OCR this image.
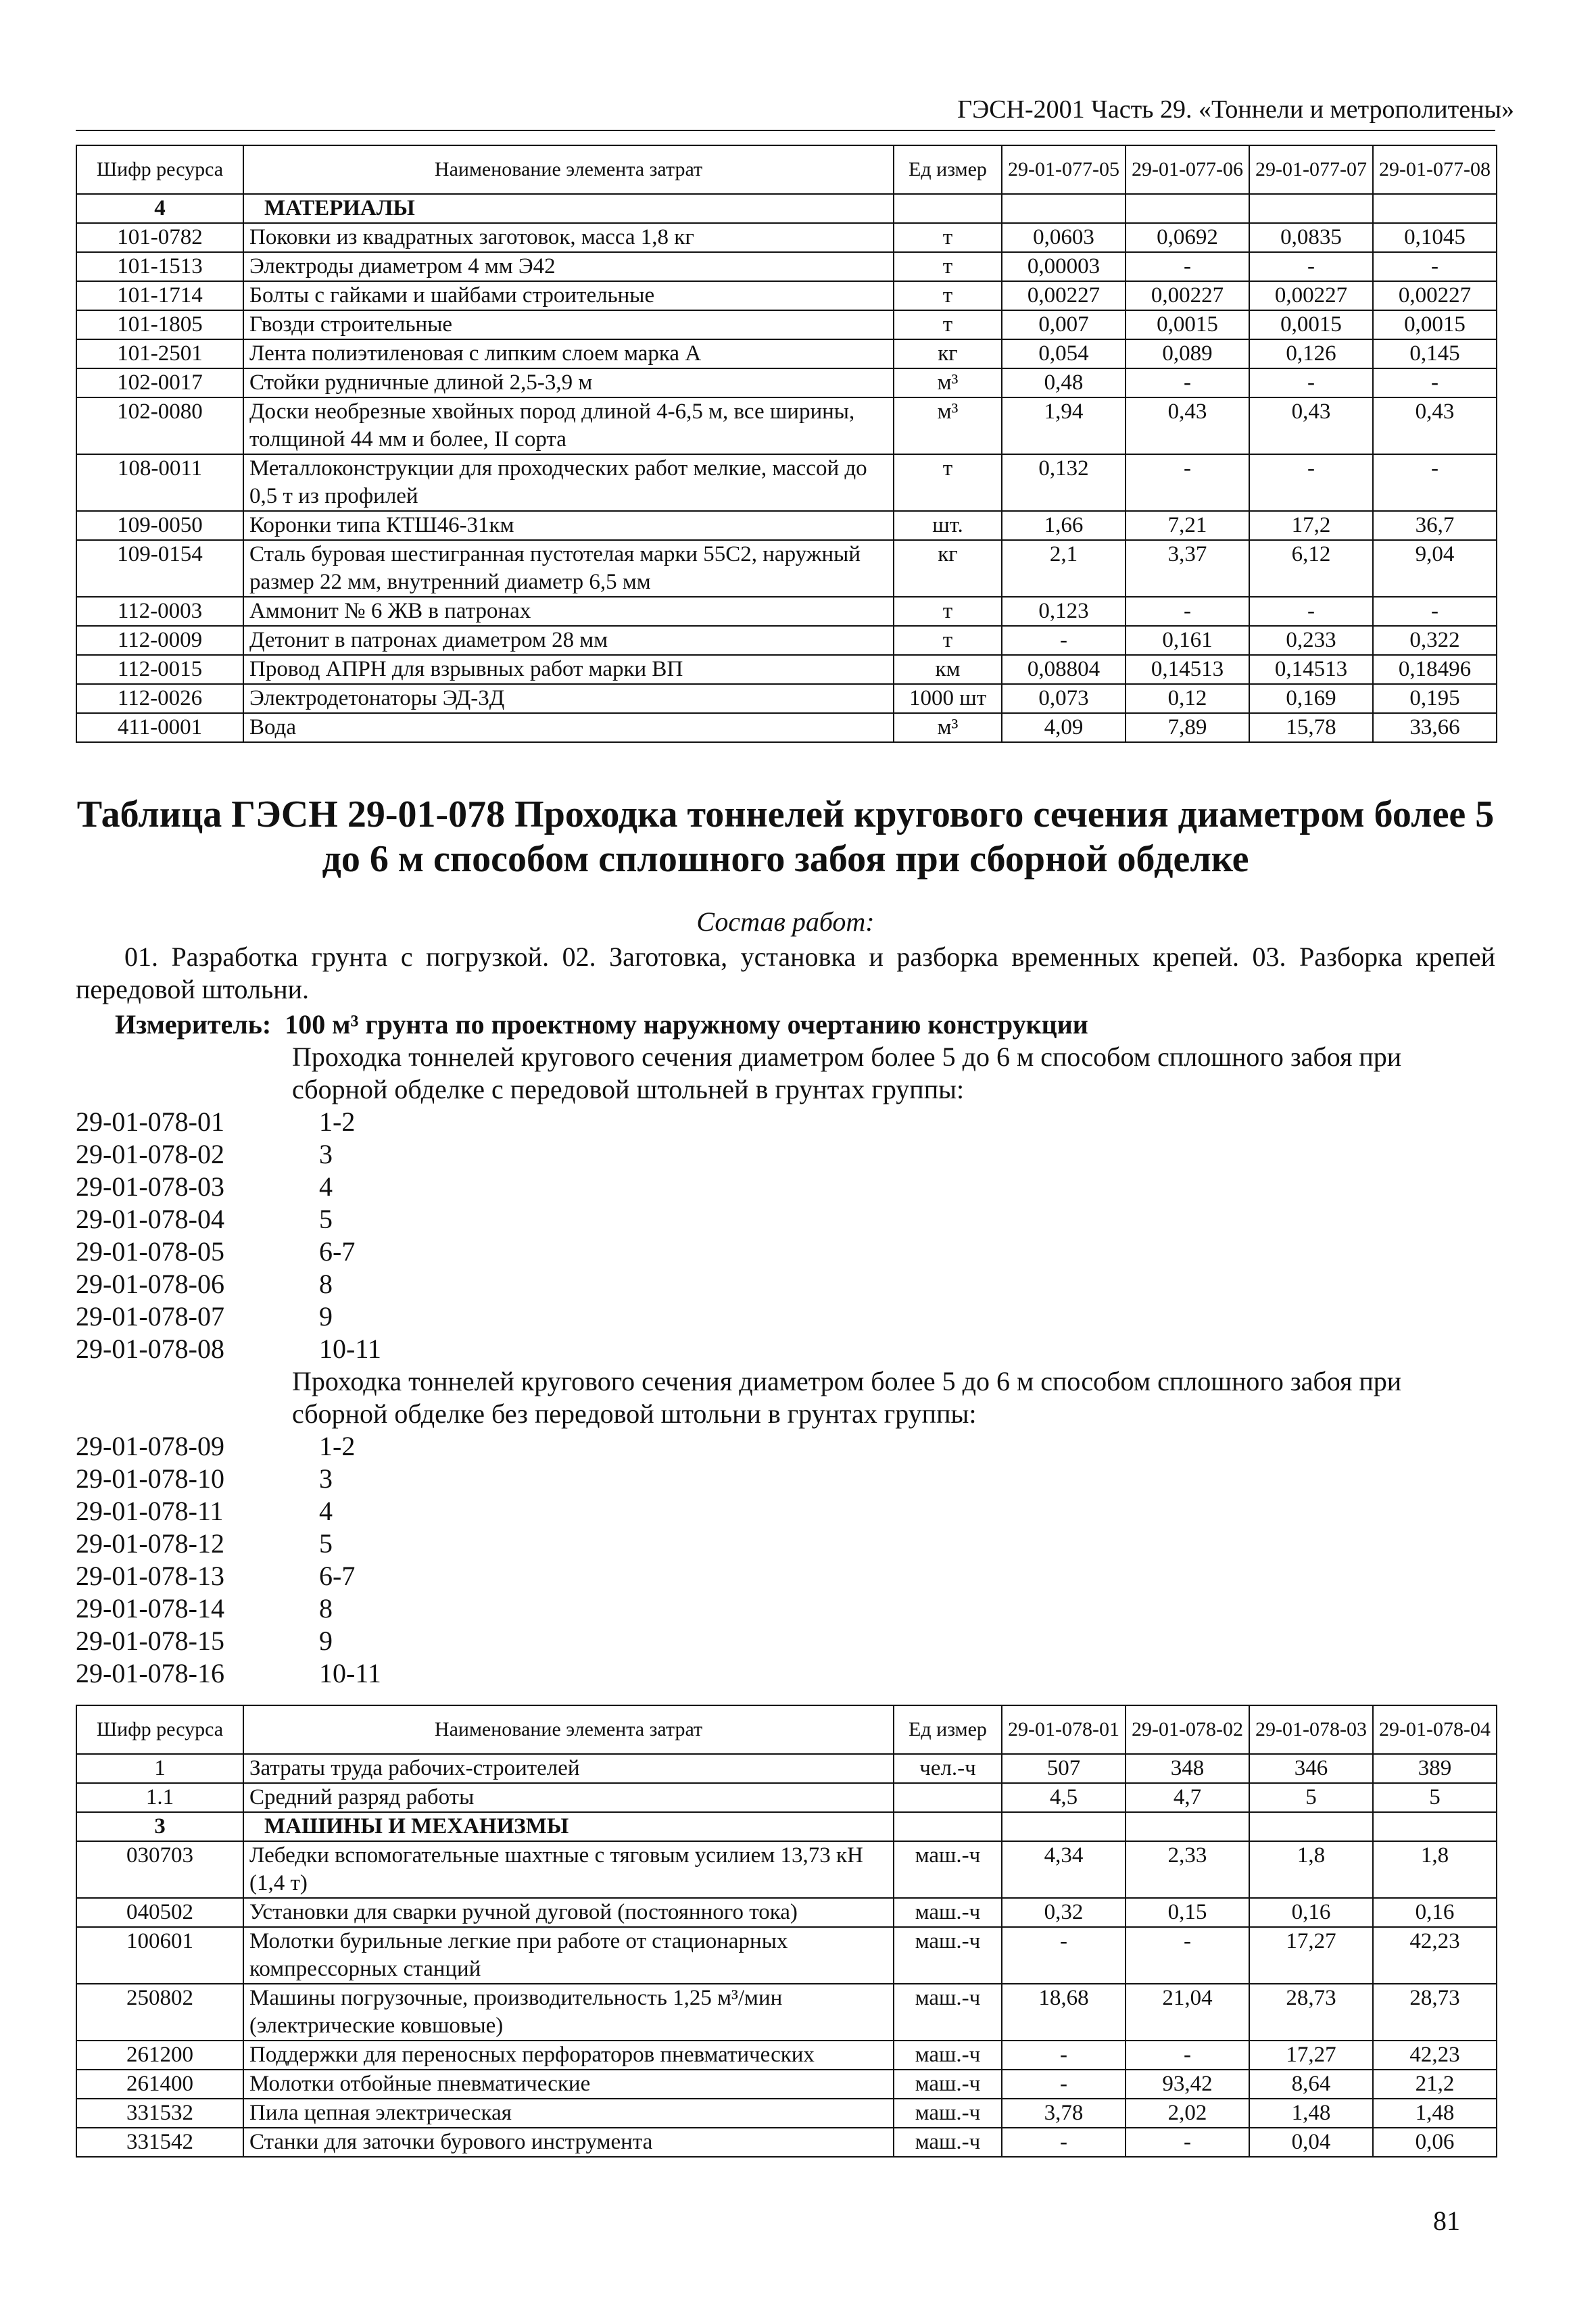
ГЭСН-2001 Часть 29. «Тоннели и метрополитены»
Шифр ресурса	Наименование элемента затрат	Ед измер	29-01-077-05	29-01-077-06	29-01-077-07	29-01-077-08
4	МАТЕРИАЛЫ					
101-0782	Поковки из квадратных заготовок, масса 1,8 кг	т	0,0603	0,0692	0,0835	0,1045
101-1513	Электроды диаметром 4 мм Э42	т	0,00003	-	-	-
101-1714	Болты с гайками и шайбами строительные	т	0,00227	0,00227	0,00227	0,00227
101-1805	Гвозди строительные	т	0,007	0,0015	0,0015	0,0015
101-2501	Лента полиэтиленовая с липким слоем марка А	кг	0,054	0,089	0,126	0,145
102-0017	Стойки рудничные длиной 2,5-3,9 м	м³	0,48	-	-	-
102-0080	Доски необрезные хвойных пород длиной 4-6,5 м, все ширины, толщиной 44 мм и более, II сорта	м³	1,94	0,43	0,43	0,43
108-0011	Металлоконструкции для проходческих работ мелкие, массой до 0,5 т из профилей	т	0,132	-	-	-
109-0050	Коронки типа КТШ46-31км	шт.	1,66	7,21	17,2	36,7
109-0154	Сталь буровая шестигранная пустотелая марки 55С2, наружный размер 22 мм, внутренний диаметр 6,5 мм	кг	2,1	3,37	6,12	9,04
112-0003	Аммонит № 6 ЖВ в патронах	т	0,123	-	-	-
112-0009	Детонит в патронах диаметром 28 мм	т	-	0,161	0,233	0,322
112-0015	Провод АПРН для взрывных работ марки ВП	км	0,08804	0,14513	0,14513	0,18496
112-0026	Электродетонаторы ЭД-3Д	1000 шт	0,073	0,12	0,169	0,195
411-0001	Вода	м³	4,09	7,89	15,78	33,66
Таблица ГЭСН 29-01-078 Проходка тоннелей кругового сечения диаметром более 5 до 6 м способом сплошного забоя при сборной обделке
Состав работ:
01. Разработка грунта с погрузкой. 02. Заготовка, установка и разборка временных крепей. 03. Разборка крепей передовой штольни.
Измеритель: 100 м³ грунта по проектному наружному очертанию конструкции
Проходка тоннелей кругового сечения диаметром более 5 до 6 м способом сплошного забоя при сборной обделке с передовой штольней в грунтах группы:
29-01-078-01	1-2
29-01-078-02	3
29-01-078-03	4
29-01-078-04	5
29-01-078-05	6-7
29-01-078-06	8
29-01-078-07	9
29-01-078-08	10-11
Проходка тоннелей кругового сечения диаметром более 5 до 6 м способом сплошного забоя при сборной обделке без передовой штольни в грунтах группы:
29-01-078-09	1-2
29-01-078-10	3
29-01-078-11	4
29-01-078-12	5
29-01-078-13	6-7
29-01-078-14	8
29-01-078-15	9
29-01-078-16	10-11
Шифр ресурса	Наименование элемента затрат	Ед измер	29-01-078-01	29-01-078-02	29-01-078-03	29-01-078-04
1	Затраты труда рабочих-строителей	чел.-ч	507	348	346	389
1.1	Средний разряд работы		4,5	4,7	5	5
3	МАШИНЫ И МЕХАНИЗМЫ					
030703	Лебедки вспомогательные шахтные с тяговым усилием 13,73 кН (1,4 т)	маш.-ч	4,34	2,33	1,8	1,8
040502	Установки для сварки ручной дуговой (постоянного тока)	маш.-ч	0,32	0,15	0,16	0,16
100601	Молотки бурильные легкие при работе от стационарных компрессорных станций	маш.-ч	-	-	17,27	42,23
250802	Машины погрузочные, производительность 1,25 м³/мин (электрические ковшовые)	маш.-ч	18,68	21,04	28,73	28,73
261200	Поддержки для переносных перфораторов пневматических	маш.-ч	-	-	17,27	42,23
261400	Молотки отбойные пневматические	маш.-ч	-	93,42	8,64	21,2
331532	Пила цепная электрическая	маш.-ч	3,78	2,02	1,48	1,48
331542	Станки для заточки бурового инструмента	маш.-ч	-	-	0,04	0,06
81
